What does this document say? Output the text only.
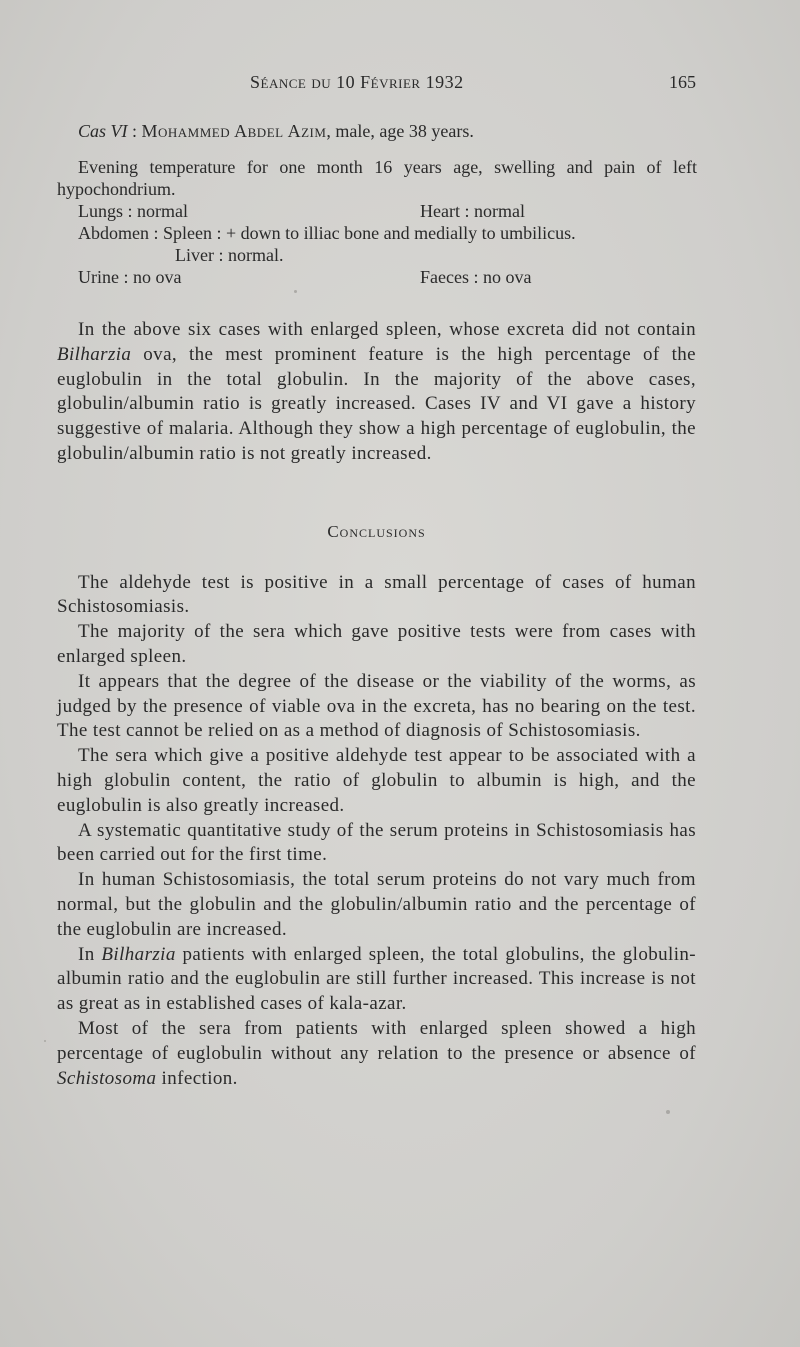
Séance du 10 Février 1932	165
Cas VI : Mohammed Abdel Azim, male, age 38 years.

Evening temperature for one month 16 years age, swelling and pain of left hypochondrium.

Lungs : normal	Heart : normal
Abdomen : Spleen : + down to illiac bone and medially to umbilicus.
Liver : normal.
Urine : no ova	Faeces : no ova

In the above six cases with enlarged spleen, whose excreta did not contain Bilharzia ova, the mest prominent feature is the high percentage of the euglobulin in the total globulin. In the majority of the above cases, globulin/albumin ratio is greatly increased. Cases IV and VI gave a history suggestive of malaria. Although they show a high percentage of euglobulin, the globulin/albumin ratio is not greatly increased.

Conclusions

The aldehyde test is positive in a small percentage of cases of human Schistosomiasis.

The majority of the sera which gave positive tests were from cases with enlarged spleen.

It appears that the degree of the disease or the viability of the worms, as judged by the presence of viable ova in the excreta, has no bearing on the test. The test cannot be relied on as a method of diagnosis of Schistosomiasis.

The sera which give a positive aldehyde test appear to be associated with a high globulin content, the ratio of globulin to albumin is high, and the euglobulin is also greatly increased.

A systematic quantitative study of the serum proteins in Schistosomiasis has been carried out for the first time.

In human Schistosomiasis, the total serum proteins do not vary much from normal, but the globulin and the globulin/albumin ratio and the percentage of the euglobulin are increased.

In Bilharzia patients with enlarged spleen, the total globulins, the globulin-albumin ratio and the euglobulin are still further increased. This increase is not as great as in established cases of kala-azar.

Most of the sera from patients with enlarged spleen showed a high percentage of euglobulin without any relation to the presence or absence of Schistosoma infection.
